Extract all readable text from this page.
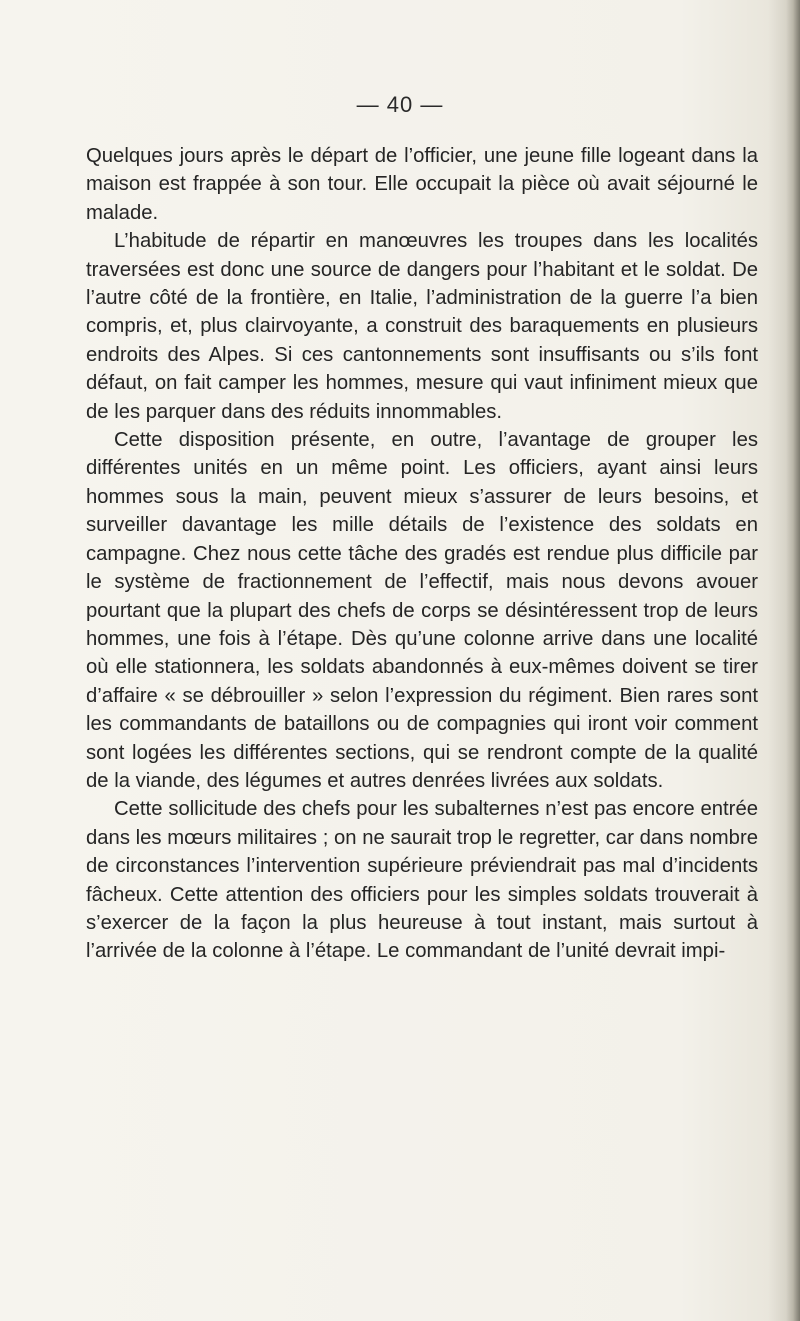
— 40 —

Quelques jours après le départ de l’officier, une jeune fille logeant dans la maison est frappée à son tour. Elle occupait la pièce où avait séjourné le malade.

L’habitude de répartir en manœuvres les troupes dans les localités traversées est donc une source de dangers pour l’habitant et le soldat. De l’autre côté de la frontière, en Italie, l’administration de la guerre l’a bien compris, et, plus clairvoyante, a construit des baraquements en plusieurs endroits des Alpes. Si ces cantonnements sont insuffisants ou s’ils font défaut, on fait camper les hommes, mesure qui vaut infiniment mieux que de les parquer dans des réduits innommables.

Cette disposition présente, en outre, l’avantage de grouper les différentes unités en un même point. Les officiers, ayant ainsi leurs hommes sous la main, peuvent mieux s’assurer de leurs besoins, et surveiller davantage les mille détails de l’existence des soldats en campagne. Chez nous cette tâche des gradés est rendue plus difficile par le système de fractionnement de l’effectif, mais nous devons avouer pourtant que la plupart des chefs de corps se désintéressent trop de leurs hommes, une fois à l’étape. Dès qu’une colonne arrive dans une localité où elle stationnera, les soldats abandonnés à eux-mêmes doivent se tirer d’affaire « se débrouiller » selon l’expression du régiment. Bien rares sont les commandants de bataillons ou de compagnies qui iront voir comment sont logées les différentes sections, qui se rendront compte de la qualité de la viande, des légumes et autres denrées livrées aux soldats.

Cette sollicitude des chefs pour les subalternes n’est pas encore entrée dans les mœurs militaires ; on ne saurait trop le regretter, car dans nombre de circonstances l’intervention supérieure préviendrait pas mal d’incidents fâcheux. Cette attention des officiers pour les simples soldats trouverait à s’exercer de la façon la plus heureuse à tout instant, mais surtout à l’arrivée de la colonne à l’étape. Le commandant de l’unité devrait impi-
